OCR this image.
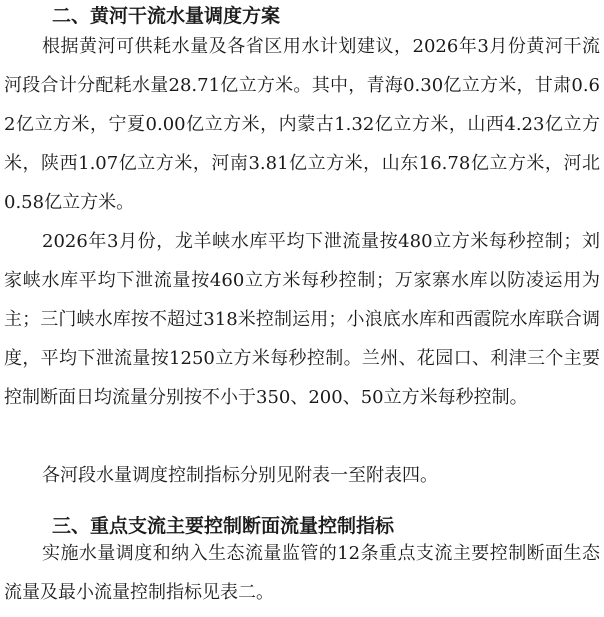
二、黄河干流水量调度方案

根据黄河可供耗水量及各省区用水计划建议，2026年3月份黄河干流河段合计分配耗水量28.71亿立方米。其中，青海0.30亿立方米，甘肃0.62亿立方米，宁夏0.00亿立方米，内蒙古1.32亿立方米，山西4.23亿立方米，陕西1.07亿立方米，河南3.81亿立方米，山东16.78亿立方米，河北0.58亿立方米。

2026年3月份，龙羊峡水库平均下泄流量按480立方米每秒控制；刘家峡水库平均下泄流量按460立方米每秒控制；万家寨水库以防凌运用为主；三门峡水库按不超过318米控制运用；小浪底水库和西霞院水库联合调度，平均下泄流量按1250立方米每秒控制。兰州、花园口、利津三个主要控制断面日均流量分别按不小于350、200、50立方米每秒控制。

各河段水量调度控制指标分别见附表一至附表四。

三、重点支流主要控制断面流量控制指标

实施水量调度和纳入生态流量监管的12条重点支流主要控制断面生态流量及最小流量控制指标见表二。
